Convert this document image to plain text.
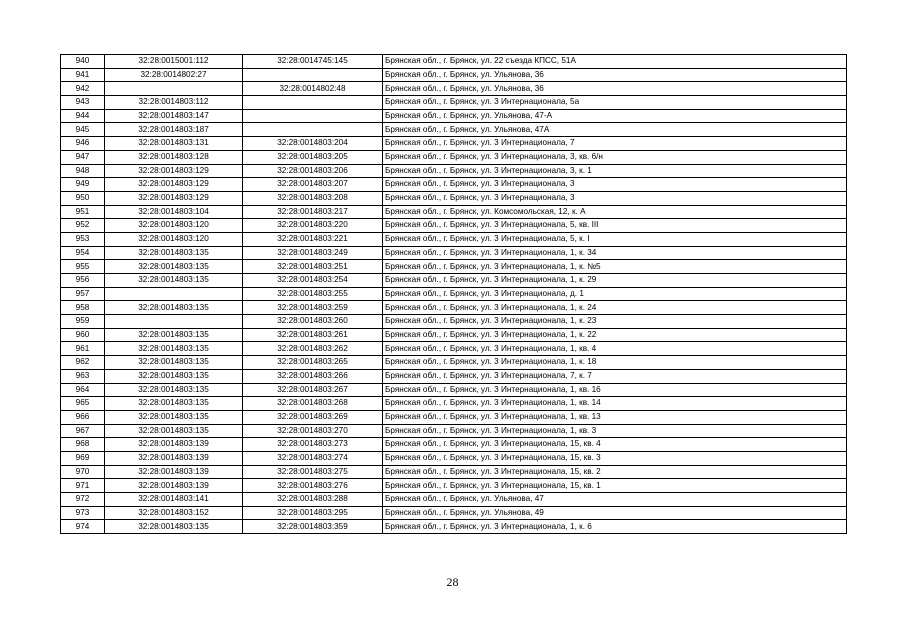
940	32:28:0015001:112	32:28:0014745:145	Брянская обл., г. Брянск, ул. 22 съезда КПСС, 51А
941	32:28:0014802:27		Брянская обл., г. Брянск, ул. Ульянова, 36
942		32:28:0014802:48	Брянская обл., г. Брянск, ул. Ульянова, 36
943	32:28:0014803:112		Брянская обл., г. Брянск, ул. 3 Интернационала, 5а
944	32:28:0014803:147		Брянская обл., г. Брянск, ул. Ульянова, 47-А
945	32:28:0014803:187		Брянская обл., г. Брянск, ул. Ульянова, 47А
946	32:28:0014803:131	32:28:0014803:204	Брянская обл., г. Брянск, ул. 3 Интернационала, 7
947	32:28:0014803:128	32:28:0014803:205	Брянская обл., г. Брянск, ул. 3 Интернационала, 3, кв. 6/н
948	32:28:0014803:129	32:28:0014803:206	Брянская обл., г. Брянск, ул. 3 Интернационала, 3, к. 1
949	32:28:0014803:129	32:28:0014803:207	Брянская обл., г. Брянск, ул. 3 Интернационала, 3
950	32:28:0014803:129	32:28:0014803:208	Брянская обл., г. Брянск, ул. 3 Интернационала, 3
951	32:28:0014803:104	32:28:0014803:217	Брянская обл., г. Брянск, ул. Комсомольская, 12, к. А
952	32:28:0014803:120	32:28:0014803:220	Брянская обл., г. Брянск, ул. 3 Интернационала, 5, кв. III
953	32:28:0014803:120	32:28:0014803:221	Брянская обл., г. Брянск, ул. 3 Интернационала, 5, к. I
954	32:28:0014803:135	32:28:0014803:249	Брянская обл., г. Брянск, ул. 3 Интернационала, 1, к. 34
955	32:28:0014803:135	32:28:0014803:251	Брянская обл., г. Брянск, ул. 3 Интернационала, 1, к. №5
956	32:28:0014803:135	32:28:0014803:254	Брянская обл., г. Брянск, ул. 3 Интернационала, 1, к. 29
957		32:28:0014803:255	Брянская обл., г. Брянск, ул. 3 Интернационала, д. 1
958	32:28:0014803:135	32:28:0014803:259	Брянская обл., г. Брянск, ул. 3 Интернационала, 1, к. 24
959		32:28:0014803:260	Брянская обл., г. Брянск, ул. 3 Интернационала, 1, к. 23
960	32:28:0014803:135	32:28:0014803:261	Брянская обл., г. Брянск, ул. 3 Интернационала, 1, к. 22
961	32:28:0014803:135	32:28:0014803:262	Брянская обл., г. Брянск, ул. 3 Интернационала, 1, кв. 4
962	32:28:0014803:135	32:28:0014803:265	Брянская обл., г. Брянск, ул. 3 Интернационала, 1, к. 18
963	32:28:0014803:135	32:28:0014803:266	Брянская обл., г. Брянск, ул. 3 Интернационала, 7, к. 7
964	32:28:0014803:135	32:28:0014803:267	Брянская обл., г. Брянск, ул. 3 Интернационала, 1, кв. 16
965	32:28:0014803:135	32:28:0014803:268	Брянская обл., г. Брянск, ул. 3 Интернационала, 1, кв. 14
966	32:28:0014803:135	32:28:0014803:269	Брянская обл., г. Брянск, ул. 3 Интернационала, 1, кв. 13
967	32:28:0014803:135	32:28:0014803:270	Брянская обл., г. Брянск, ул. 3 Интернационала, 1, кв. 3
968	32:28:0014803:139	32:28:0014803:273	Брянская обл., г. Брянск, ул. 3 Интернационала, 15, кв. 4
969	32:28:0014803:139	32:28:0014803:274	Брянская обл., г. Брянск, ул. 3 Интернационала, 15, кв. 3
970	32:28:0014803:139	32:28:0014803:275	Брянская обл., г. Брянск, ул. 3 Интернационала, 15, кв. 2
971	32:28:0014803:139	32:28:0014803:276	Брянская обл., г. Брянск, ул. 3 Интернационала, 15, кв. 1
972	32:28:0014803:141	32:28:0014803:288	Брянская обл., г. Брянск, ул. Ульянова, 47
973	32:28:0014803:152	32:28:0014803:295	Брянская обл., г. Брянск, ул. Ульянова, 49
974	32:28:0014803:135	32:28:0014803:359	Брянская обл., г. Брянск, ул. 3 Интернационала, 1, к. 6
28
